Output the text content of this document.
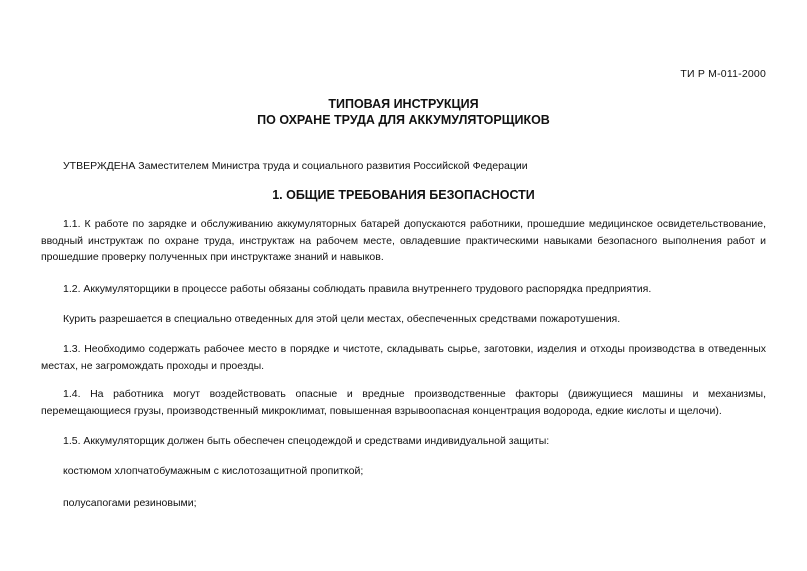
ТИ Р М-011-2000
ТИПОВАЯ ИНСТРУКЦИЯ
ПО ОХРАНЕ ТРУДА ДЛЯ АККУМУЛЯТОРЩИКОВ
УТВЕРЖДЕНА Заместителем Министра труда и социального развития Российской Федерации
1. ОБЩИЕ ТРЕБОВАНИЯ БЕЗОПАСНОСТИ
1.1. К работе по зарядке и обслуживанию аккумуляторных батарей допускаются работники, прошедшие медицинское освидетельствование, вводный инструктаж по охране труда, инструктаж на рабочем месте, овладевшие практическими навыками безопасного выполнения работ и прошедшие проверку полученных при инструктаже знаний и навыков.
1.2. Аккумуляторщики в процессе работы обязаны соблюдать правила внутреннего трудового распорядка предприятия.
Курить разрешается в специально отведенных для этой цели местах, обеспеченных средствами пожаротушения.
1.3. Необходимо содержать рабочее место в порядке и чистоте, складывать сырье, заготовки, изделия и отходы производства в отведенных местах, не загромождать проходы и проезды.
1.4. На работника могут воздействовать опасные и вредные производственные факторы (движущиеся машины и механизмы, перемещающиеся грузы, производственный микроклимат, повышенная взрывоопасная концентрация водорода, едкие кислоты и щелочи).
1.5. Аккумуляторщик должен быть обеспечен спецодеждой и средствами индивидуальной защиты:
костюмом хлопчатобумажным с кислотозащитной пропиткой;
полусапогами резиновыми;
